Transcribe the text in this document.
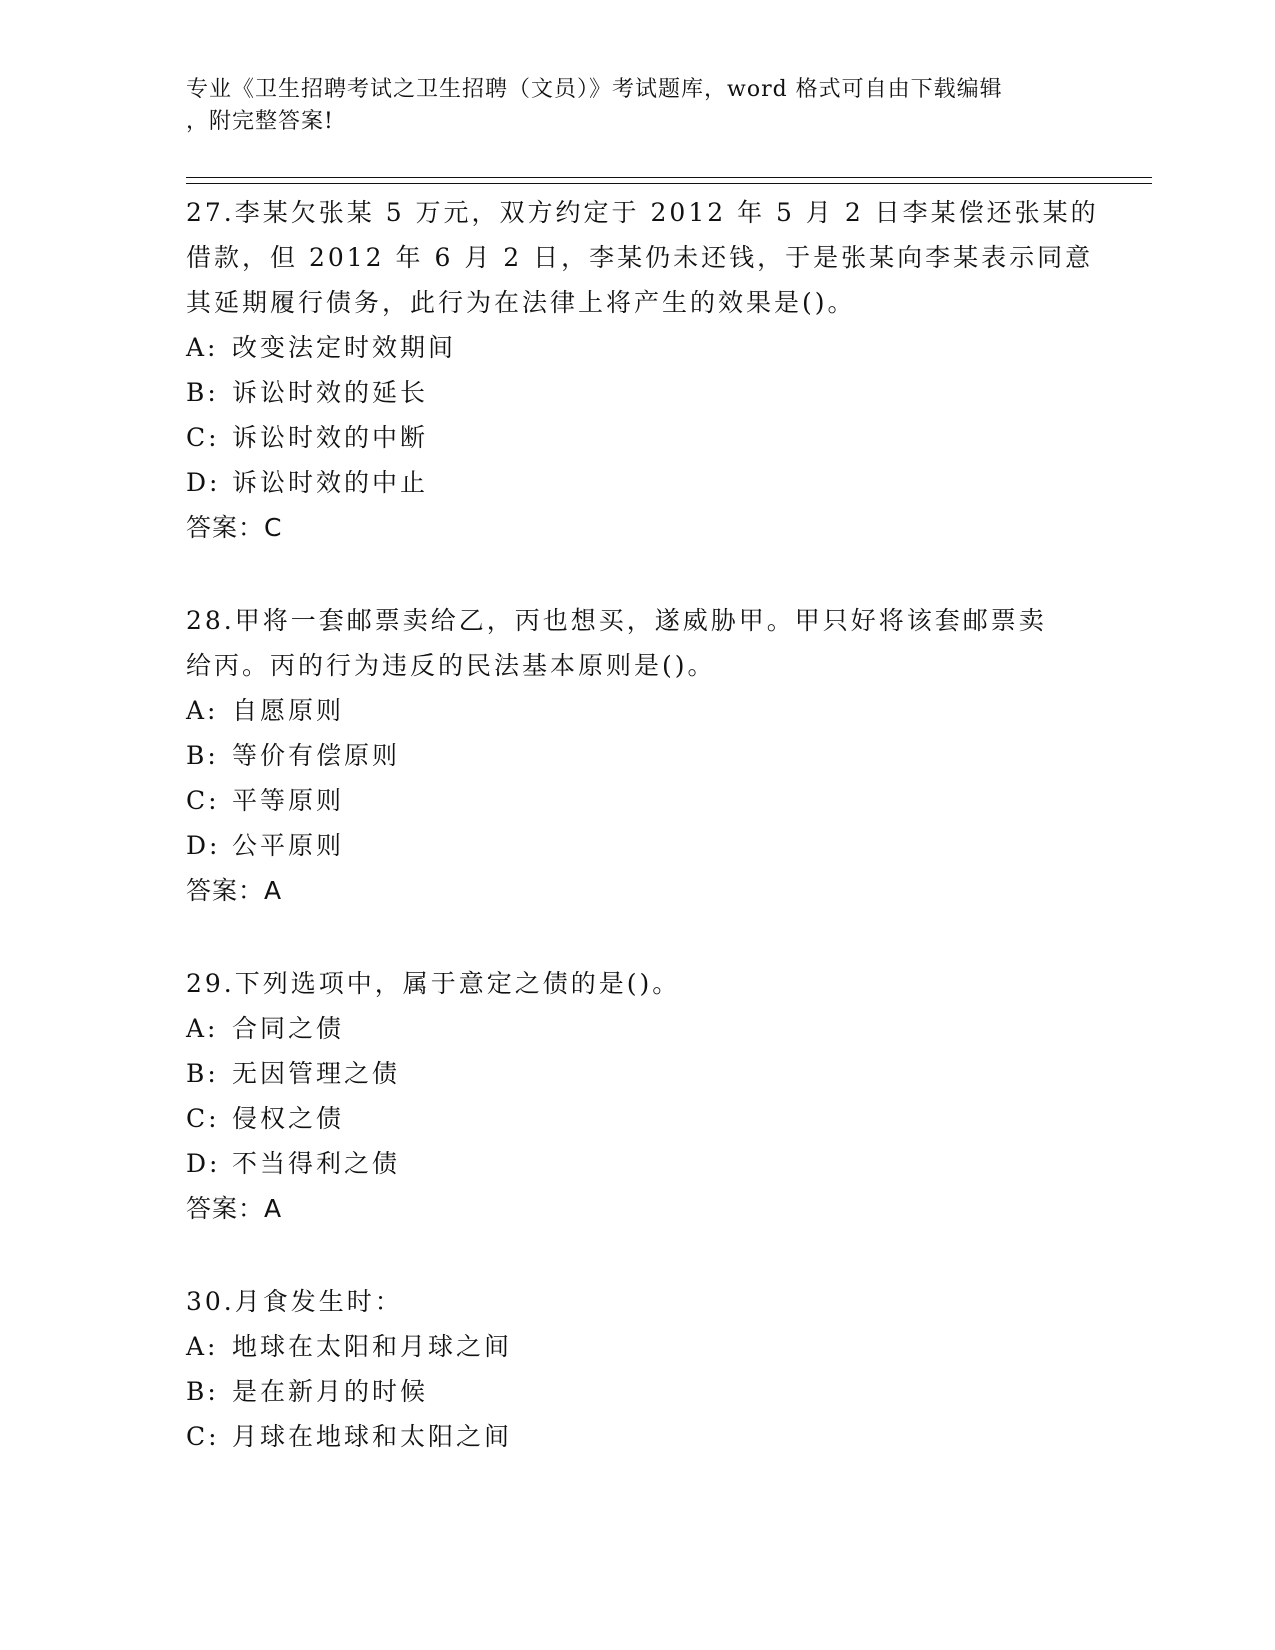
专业《卫生招聘考试之卫生招聘（文员）》考试题库，word 格式可自由下载编辑
，附完整答案!
27.李某欠张某 5 万元，双方约定于 2012 年 5 月 2 日李某偿还张某的
借款，但 2012 年 6 月 2 日，李某仍未还钱，于是张某向李某表示同意
其延期履行债务，此行为在法律上将产生的效果是()。
A: 改变法定时效期间
B: 诉讼时效的延长
C: 诉讼时效的中断
D: 诉讼时效的中止
答案：C
28.甲将一套邮票卖给乙，丙也想买，遂威胁甲。甲只好将该套邮票卖
给丙。丙的行为违反的民法基本原则是()。
A: 自愿原则
B: 等价有偿原则
C: 平等原则
D: 公平原则
答案：A
29.下列选项中，属于意定之债的是()。
A: 合同之债
B: 无因管理之债
C: 侵权之债
D: 不当得利之债
答案：A
30.月食发生时：
A: 地球在太阳和月球之间
B: 是在新月的时候
C: 月球在地球和太阳之间
